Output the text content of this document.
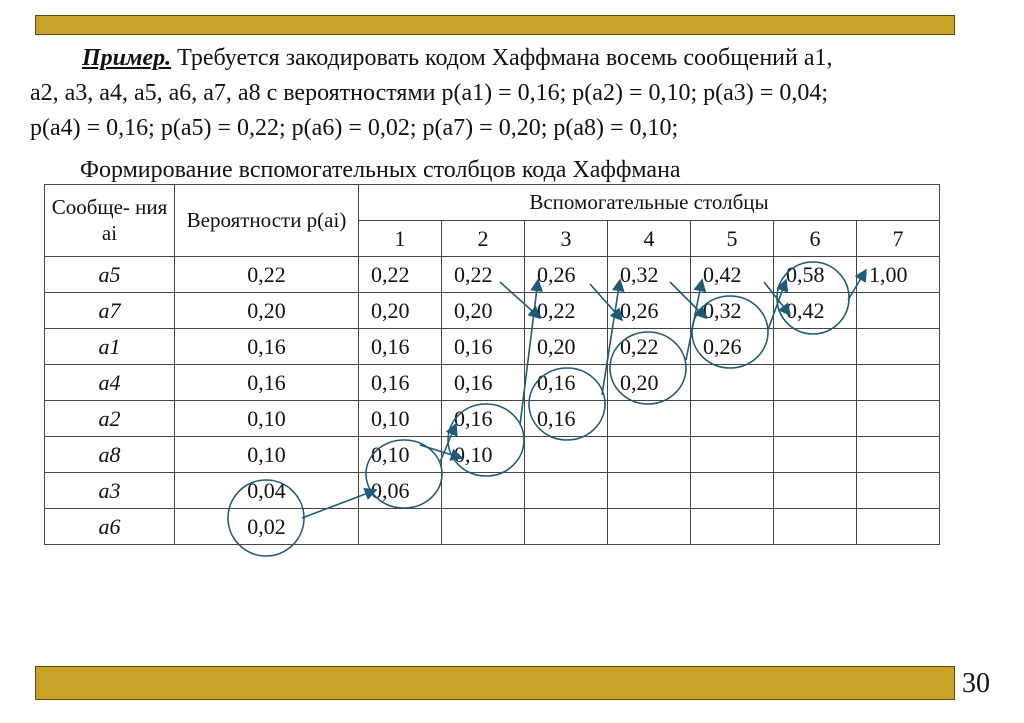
Пример. Требуется закодировать кодом Хаффмана восемь сообщений a1,
a2, a3, a4, a5, a6, a7, a8 с вероятностями p(a1) = 0,16; p(a2) = 0,10; p(a3) = 0,04;
p(a4) = 0,16; p(a5) = 0,22; p(a6) = 0,02; p(a7) = 0,20; p(a8) = 0,10;
Формирование вспомогательных столбцов кода Хаффмана
Сообще- ния ai	Вероятности p(ai)	Вспомогательные столбцы						
		1	2	3	4	5	6	7
a5	0,22	0,22	0,22	0,26	0,32	0,42	0,58	1,00
a7	0,20	0,20	0,20	0,22	0,26	0,32	0,42	
a1	0,16	0,16	0,16	0,20	0,22	0,26		
a4	0,16	0,16	0,16	0,16	0,20			
a2	0,10	0,10	0,16	0,16				
a8	0,10	0,10	0,10					
a3	0,04	0,06						
a6	0,02							
30
